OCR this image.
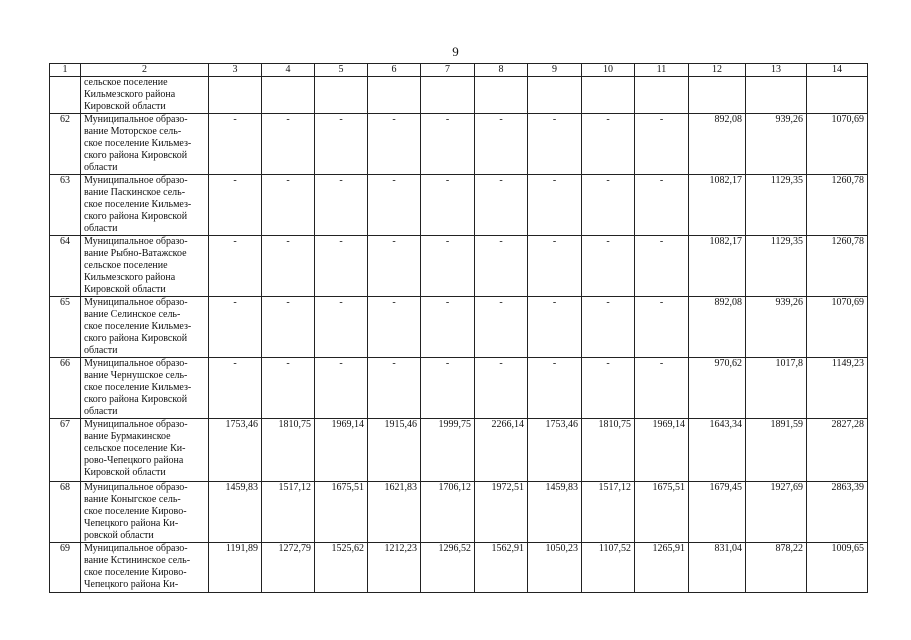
9
1	2	3	4	5	6	7	8	9	10	11	12	13	14
	сельское поселение
Кильмезского района
Кировской области												
62	Муниципальное образо-
вание Моторское сель-
ское поселение Кильмез-
ского района Кировской
области	-	-	-	-	-	-	-	-	-	892,08	939,26	1070,69
63	Муниципальное образо-
вание Паскинское сель-
ское поселение Кильмез-
ского района Кировской
области	-	-	-	-	-	-	-	-	-	1082,17	1129,35	1260,78
64	Муниципальное образо-
вание Рыбно-Ватажское
сельское поселение
Кильмезского района
Кировской области	-	-	-	-	-	-	-	-	-	1082,17	1129,35	1260,78
65	Муниципальное образо-
вание Селинское сель-
ское поселение Кильмез-
ского района Кировской
области	-	-	-	-	-	-	-	-	-	892,08	939,26	1070,69
66	Муниципальное образо-
вание Чернушское сель-
ское поселение Кильмез-
ского района Кировской
области	-	-	-	-	-	-	-	-	-	970,62	1017,8	1149,23
67	Муниципальное образо-
вание Бурмакинское
сельское поселение Ки-
рово-Чепецкого района
Кировской области	1753,46	1810,75	1969,14	1915,46	1999,75	2266,14	1753,46	1810,75	1969,14	1643,34	1891,59	2827,28
68	Муниципальное образо-
вание Коныгское сель-
ское поселение Кирово-
Чепецкого района Ки-
ровской области	1459,83	1517,12	1675,51	1621,83	1706,12	1972,51	1459,83	1517,12	1675,51	1679,45	1927,69	2863,39
69	Муниципальное образо-
вание Кстининское сель-
ское поселение Кирово-
Чепецкого района Ки-	1191,89	1272,79	1525,62	1212,23	1296,52	1562,91	1050,23	1107,52	1265,91	831,04	878,22	1009,65
